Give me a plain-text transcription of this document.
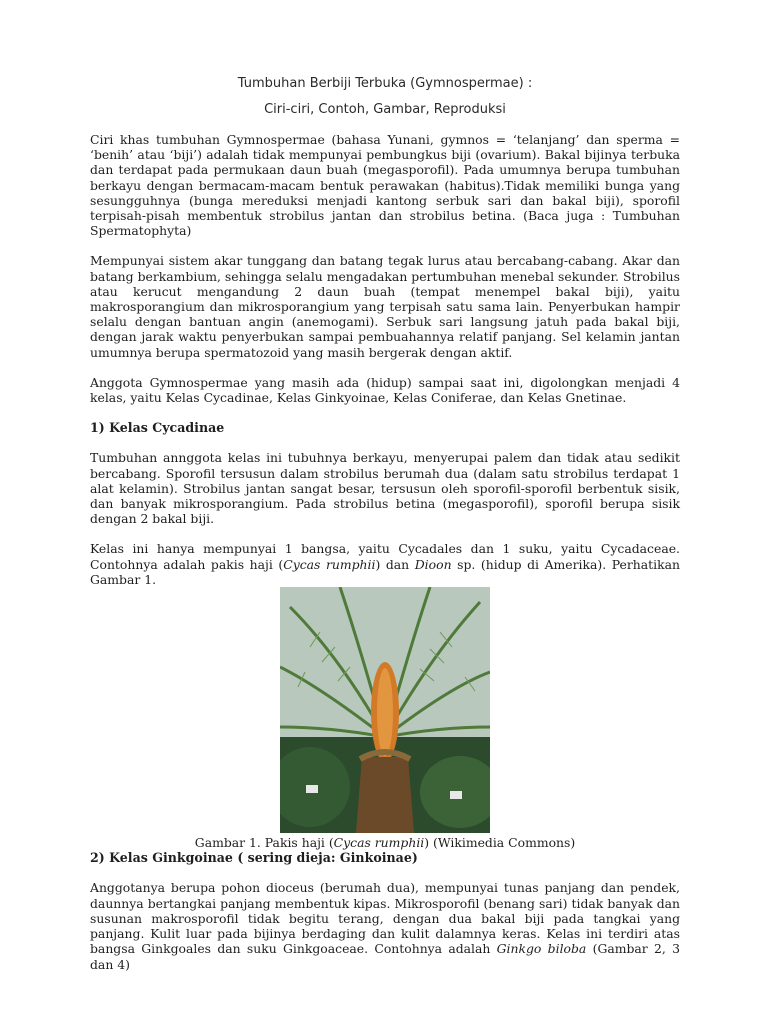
Tumbuhan Berbiji Terbuka (Gymnospermae) :
Ciri-ciri, Contoh, Gambar, Reproduksi

Ciri khas tumbuhan Gymnospermae (bahasa Yunani, gymnos = ‘telanjang’ dan sperma = ‘benih’ atau ‘biji’) adalah tidak mempunyai pembungkus biji (ovarium). Bakal bijinya terbuka dan terdapat pada permukaan daun buah (megasporofil). Pada umumnya berupa tumbuhan berkayu dengan bermacam-macam bentuk perawakan (habitus).Tidak memiliki bunga yang sesungguhnya (bunga mereduksi menjadi kantong serbuk sari dan bakal biji), sporofil terpisah-pisah membentuk strobilus jantan dan strobilus betina. (Baca juga : Tumbuhan Spermatophyta)

Mempunyai sistem akar tunggang dan batang tegak lurus atau bercabang-cabang. Akar dan batang berkambium, sehingga selalu mengadakan pertumbuhan menebal sekunder. Strobilus atau kerucut mengandung 2 daun buah (tempat menempel bakal biji), yaitu makrosporangium dan mikrosporangium yang terpisah satu sama lain. Penyerbukan hampir selalu dengan bantuan angin (anemogami). Serbuk sari langsung jatuh pada bakal biji, dengan jarak waktu penyerbukan sampai pembuahannya relatif panjang. Sel kelamin jantan umumnya berupa spermatozoid yang masih bergerak dengan aktif.

Anggota Gymnospermae yang masih ada (hidup) sampai saat ini, digolongkan menjadi 4 kelas, yaitu Kelas Cycadinae, Kelas Ginkyoinae, Kelas Coniferae, dan Kelas Gnetinae.

1) Kelas Cycadinae

Tumbuhan annggota kelas ini tubuhnya berkayu, menyerupai palem dan tidak atau sedikit bercabang. Sporofil tersusun dalam strobilus berumah dua (dalam satu strobilus terdapat 1 alat kelamin). Strobilus jantan sangat besar, tersusun oleh sporofil-sporofil berbentuk sisik, dan banyak mikrosporangium. Pada strobilus betina (megasporofil), sporofil berupa sisik dengan 2 bakal biji.

Kelas ini hanya mempunyai 1 bangsa, yaitu Cycadales dan 1 suku, yaitu Cycadaceae. Contohnya adalah pakis haji (Cycas rumphii) dan Dioon sp. (hidup di Amerika). Perhatikan Gambar 1.

Gambar 1. Pakis haji (Cycas rumphii) (Wikimedia Commons)
2) Kelas Ginkgoinae ( sering dieja: Ginkoinae)

Anggotanya berupa pohon dioceus (berumah dua), mempunyai tunas panjang dan pendek, daunnya bertangkai panjang membentuk kipas. Mikrosporofil (benang sari) tidak banyak dan susunan makrosporofil tidak begitu terang, dengan dua bakal biji pada tangkai yang panjang. Kulit luar pada bijinya berdaging dan kulit dalamnya keras. Kelas ini terdiri atas bangsa Ginkgoales dan suku Ginkgoaceae. Contohnya adalah Ginkgo biloba (Gambar 2, 3 dan 4)
